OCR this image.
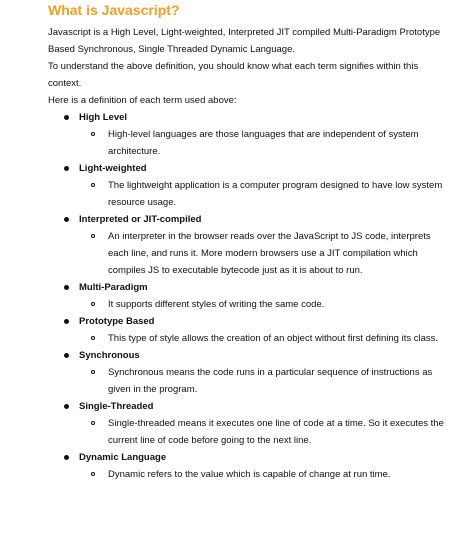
What is Javascript?

Javascript is a High Level, Light-weighted, Interpreted JIT compiled Multi-Paradigm Prototype Based Synchronous, Single Threaded Dynamic Language.

To understand the above definition, you should know what each term signifies within this context.

Here is a definition of each term used above:

High Level
High-level languages are those languages that are independent of system architecture.
Light-weighted
The lightweight application is a computer program designed to have low system resource usage.
Interpreted or JIT-compiled
An interpreter in the browser reads over the JavaScript to JS code, interprets each line, and runs it. More modern browsers use a JIT compilation which compiles JS to executable bytecode just as it is about to run.
Multi-Paradigm
It supports different styles of writing the same code.
Prototype Based
This type of style allows the creation of an object without first defining its class.
Synchronous
Synchronous means the code runs in a particular sequence of instructions as given in the program.
Single-Threaded
Single-threaded means it executes one line of code at a time. So it executes the current line of code before going to the next line.
Dynamic Language
Dynamic refers to the value which is capable of change at run time.
